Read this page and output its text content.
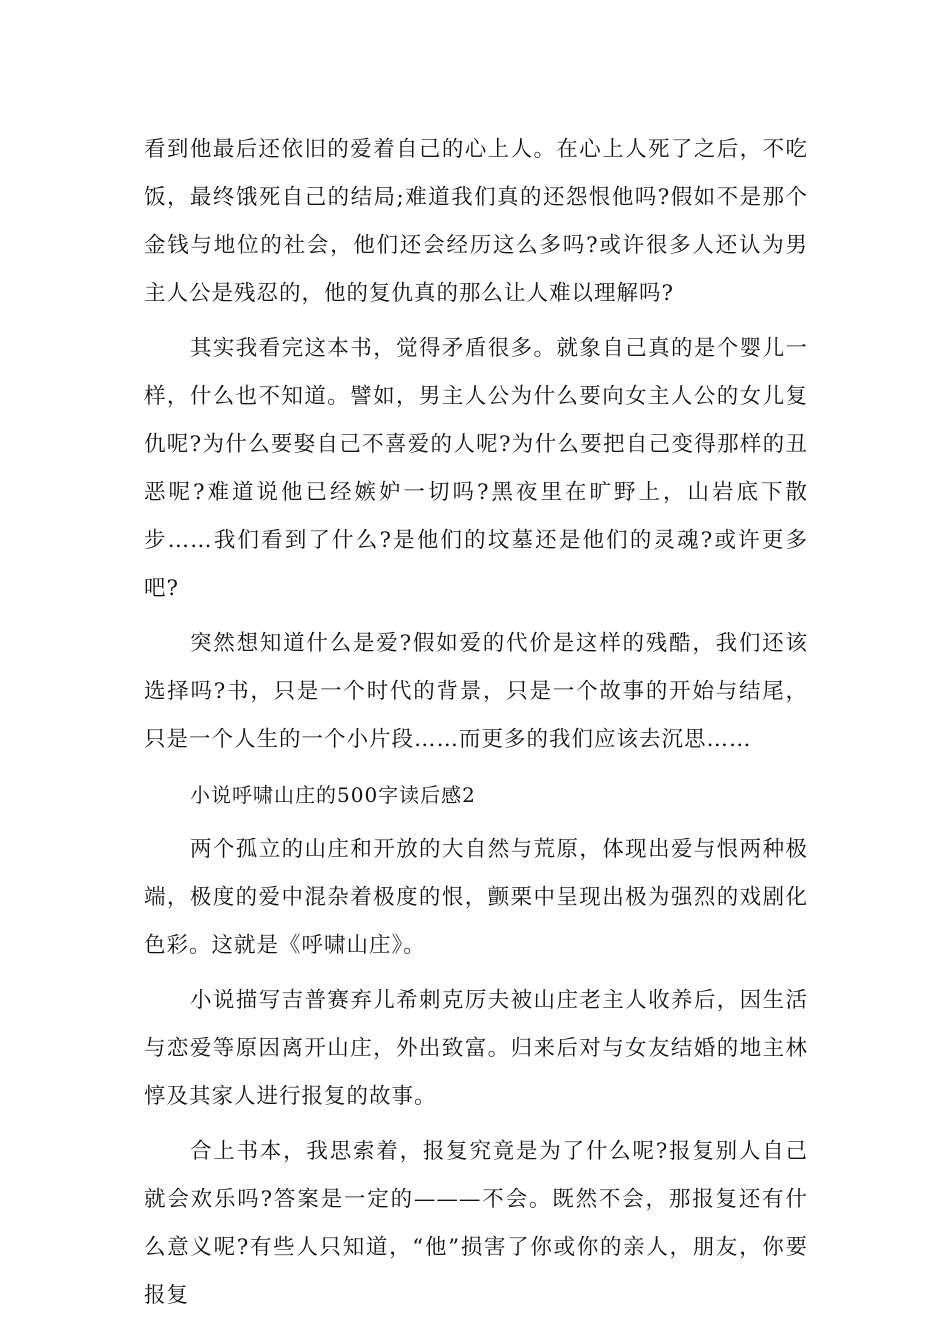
看到他最后还依旧的爱着自己的心上人。在心上人死了之后，不吃饭，最终饿死自己的结局;难道我们真的还怨恨他吗?假如不是那个金钱与地位的社会，他们还会经历这么多吗?或许很多人还认为男主人公是残忍的，他的复仇真的那么让人难以理解吗?

其实我看完这本书，觉得矛盾很多。就象自己真的是个婴儿一样，什么也不知道。譬如，男主人公为什么要向女主人公的女儿复仇呢?为什么要娶自己不喜爱的人呢?为什么要把自己变得那样的丑恶呢?难道说他已经嫉妒一切吗?黑夜里在旷野上，山岩底下散步……我们看到了什么?是他们的坟墓还是他们的灵魂?或许更多吧?

突然想知道什么是爱?假如爱的代价是这样的残酷，我们还该选择吗?书，只是一个时代的背景，只是一个故事的开始与结尾，只是一个人生的一个小片段……而更多的我们应该去沉思……

小说呼啸山庄的500字读后感2

两个孤立的山庄和开放的大自然与荒原，体现出爱与恨两种极端，极度的爱中混杂着极度的恨，颤栗中呈现出极为强烈的戏剧化色彩。这就是《呼啸山庄》。

小说描写吉普赛弃儿希刺克厉夫被山庄老主人收养后，因生活与恋爱等原因离开山庄，外出致富。归来后对与女友结婚的地主林惇及其家人进行报复的故事。

合上书本，我思索着，报复究竟是为了什么呢?报复别人自己就会欢乐吗?答案是一定的———不会。既然不会，那报复还有什么意义呢?有些人只知道，“他”损害了你或你的亲人，朋友，你要报复
